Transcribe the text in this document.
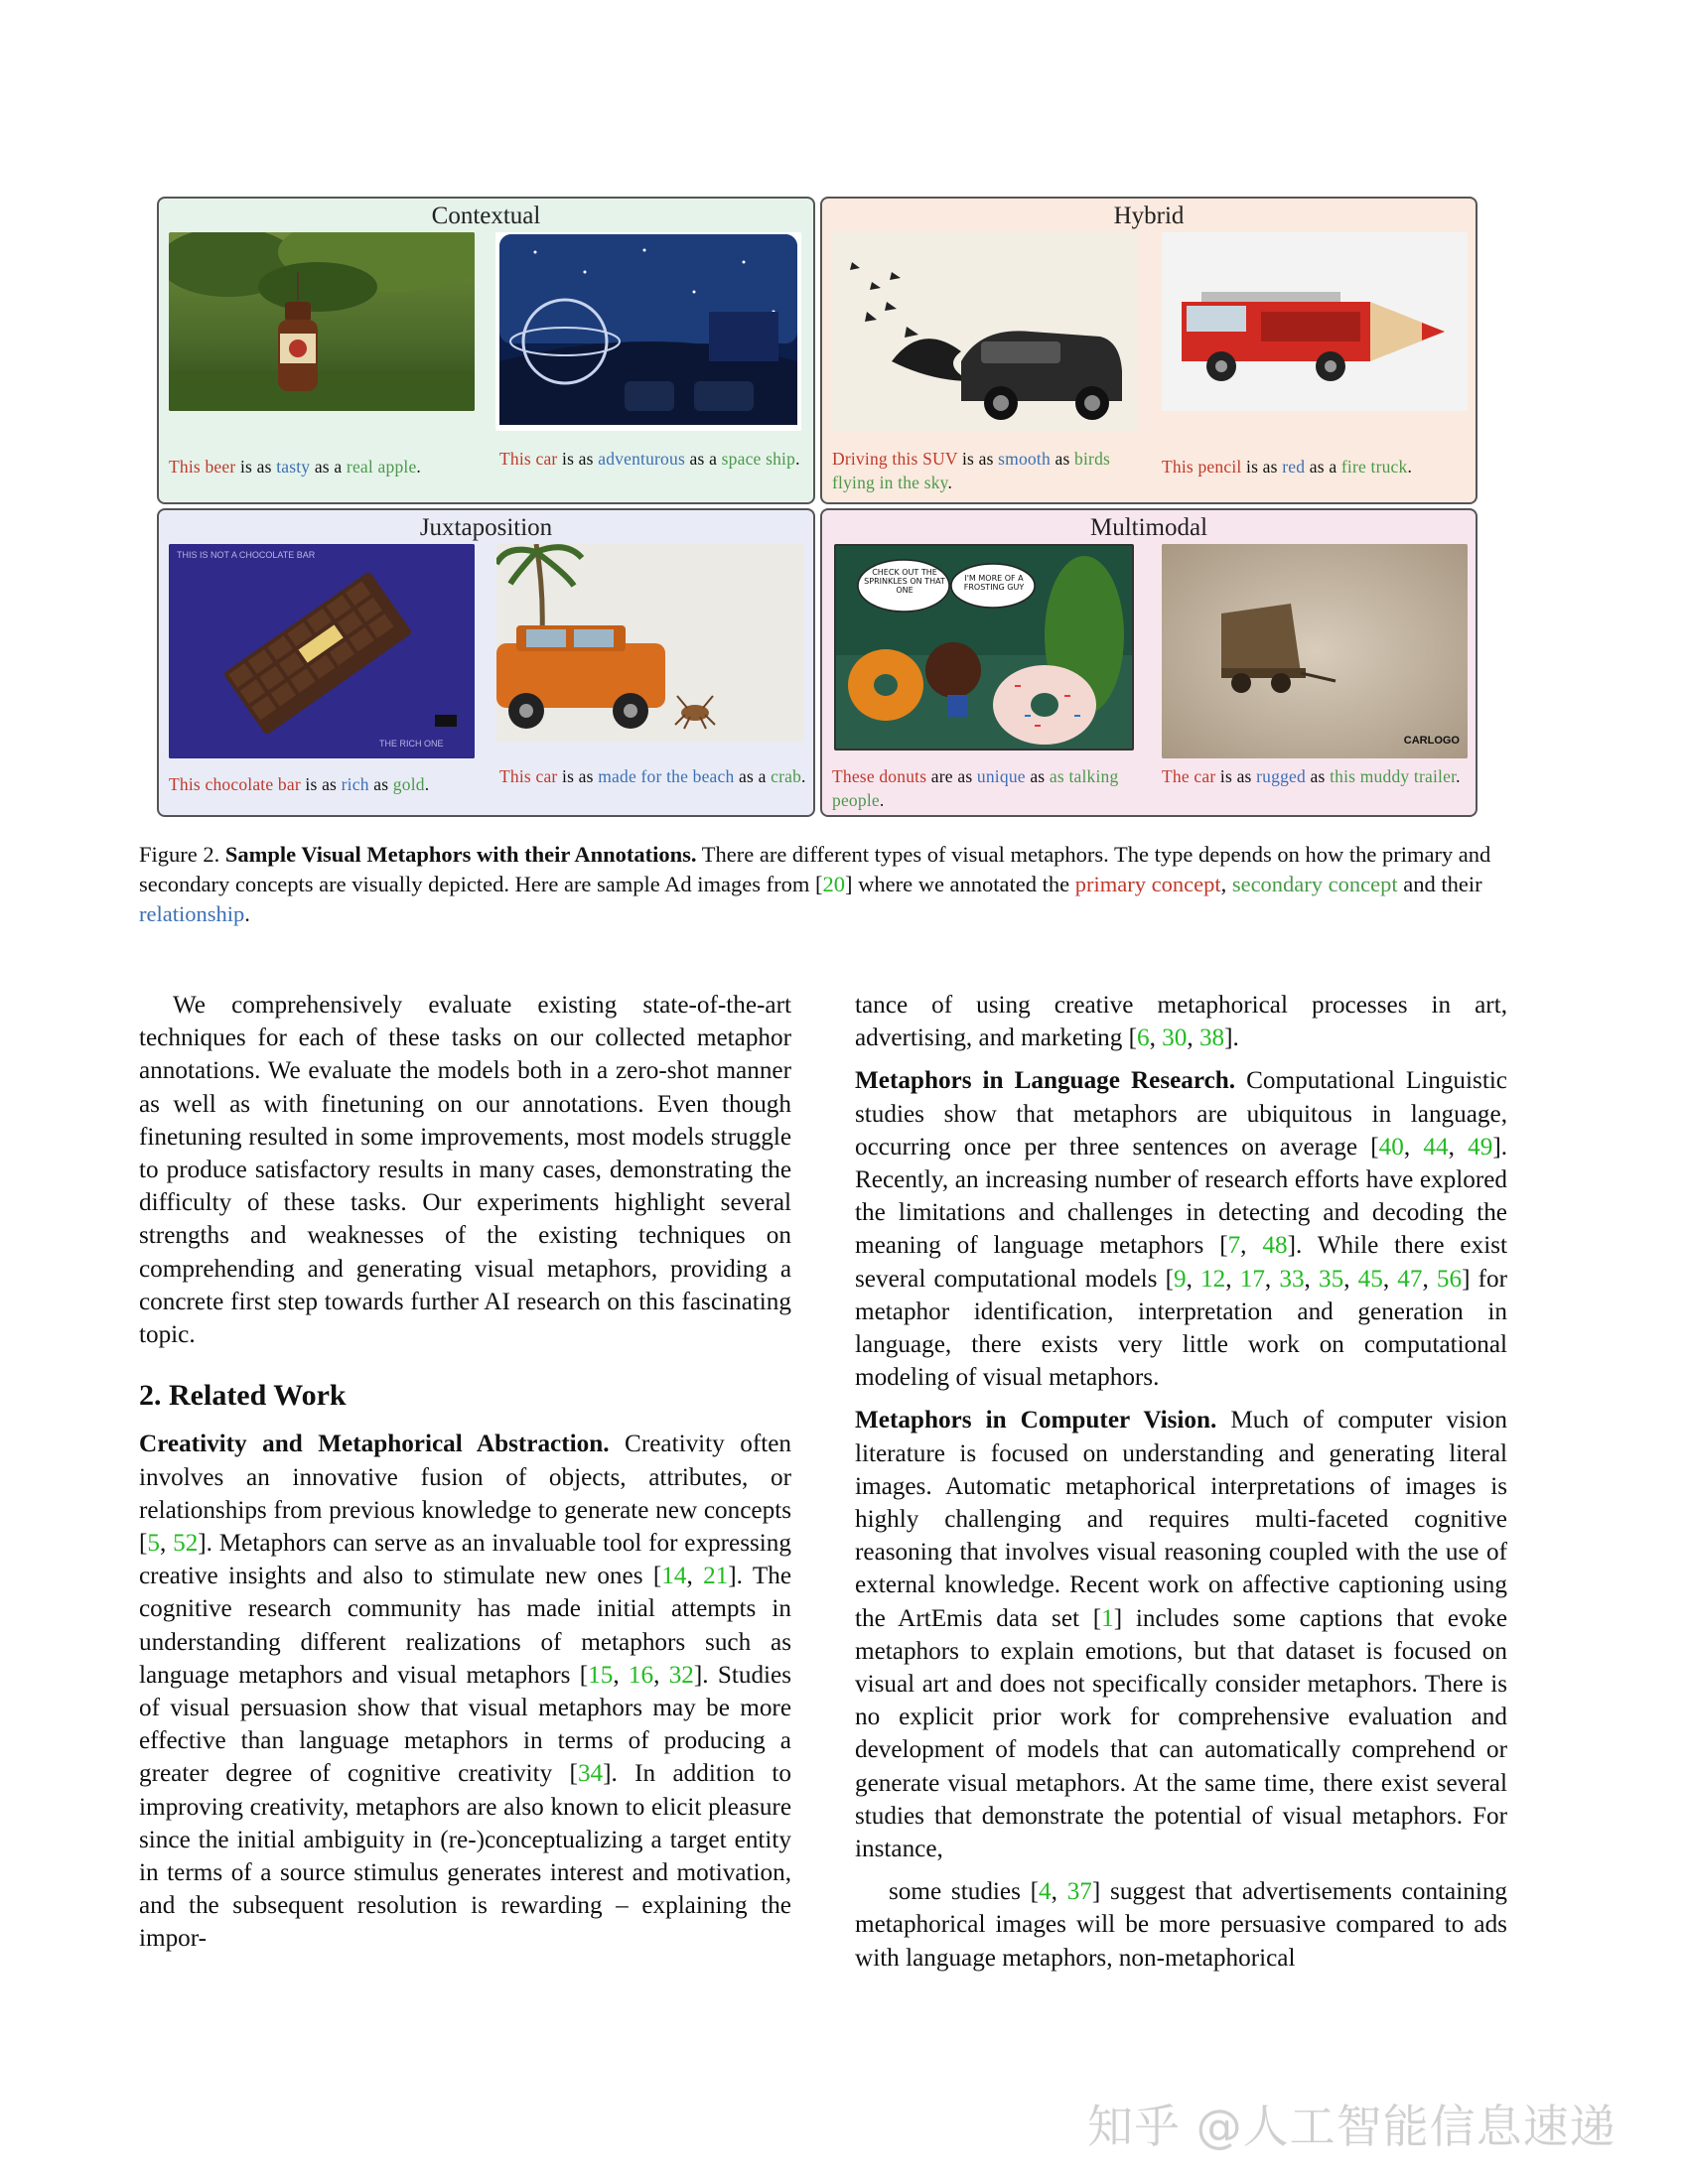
Contextual
This beer is as tasty as a real apple.	This car is as adventurous as a space ship.
Hybrid
Driving this SUV is as smooth as birds flying in the sky.
This pencil is as red as a fire truck.
Juxtaposition
THIS IS NOT A CHOCOLATE BAR
THE RICH ONE
This chocolate bar is as rich as gold.	This car is as made for the beach as a crab.
Multimodal
CHECK OUT THE SPRINKLES ON THAT ONE
I'M MORE OF A FROSTING GUY
CARLOGO
These donuts are as unique as as talking people.
The car is as rugged as this muddy trailer.
Figure 2. Sample Visual Metaphors with their Annotations. There are different types of visual metaphors. The type depends on how the primary and secondary concepts are visually depicted. Here are sample Ad images from [20] where we annotated the primary concept, secondary concept and their relationship.

We comprehensively evaluate existing state-of-the-art techniques for each of these tasks on our collected metaphor annotations. We evaluate the models both in a zero-shot manner as well as with finetuning on our annotations. Even though finetuning resulted in some improvements, most models struggle to produce satisfactory results in many cases, demonstrating the difficulty of these tasks. Our experiments highlight several strengths and weaknesses of the existing techniques on comprehending and generating visual metaphors, providing a concrete first step towards further AI research on this fascinating topic.

2. Related Work

Creativity and Metaphorical Abstraction. Creativity often involves an innovative fusion of objects, attributes, or relationships from previous knowledge to generate new concepts [5, 52]. Metaphors can serve as an invaluable tool for expressing creative insights and also to stimulate new ones [14, 21]. The cognitive research community has made initial attempts in understanding different realizations of metaphors such as language metaphors and visual metaphors [15, 16, 32]. Studies of visual persuasion show that visual metaphors may be more effective than language metaphors in terms of producing a greater degree of cognitive creativity [34]. In addition to improving creativity, metaphors are also known to elicit pleasure since the initial ambiguity in (re-)conceptualizing a target entity in terms of a source stimulus generates interest and motivation, and the subsequent resolution is rewarding – explaining the impor-

tance of using creative metaphorical processes in art, advertising, and marketing [6, 30, 38].

Metaphors in Language Research. Computational Linguistic studies show that metaphors are ubiquitous in language, occurring once per three sentences on average [40, 44, 49]. Recently, an increasing number of research efforts have explored the limitations and challenges in detecting and decoding the meaning of language metaphors [7, 48]. While there exist several computational models [9, 12, 17, 33, 35, 45, 47, 56] for metaphor identification, interpretation and generation in language, there exists very little work on computational modeling of visual metaphors.

Metaphors in Computer Vision. Much of computer vision literature is focused on understanding and generating literal images. Automatic metaphorical interpretations of images is highly challenging and requires multi-faceted cognitive reasoning that involves visual reasoning coupled with the use of external knowledge. Recent work on affective captioning using the ArtEmis data set [1] includes some captions that evoke metaphors to explain emotions, but that dataset is focused on visual art and does not specifically consider metaphors. There is no explicit prior work for comprehensive evaluation and development of models that can automatically comprehend or generate visual metaphors. At the same time, there exist several studies that demonstrate the potential of visual metaphors. For instance,

some studies [4, 37] suggest that advertisements containing metaphorical images will be more persuasive compared to ads with language metaphors, non-metaphorical

知乎 @人工智能信息速递
